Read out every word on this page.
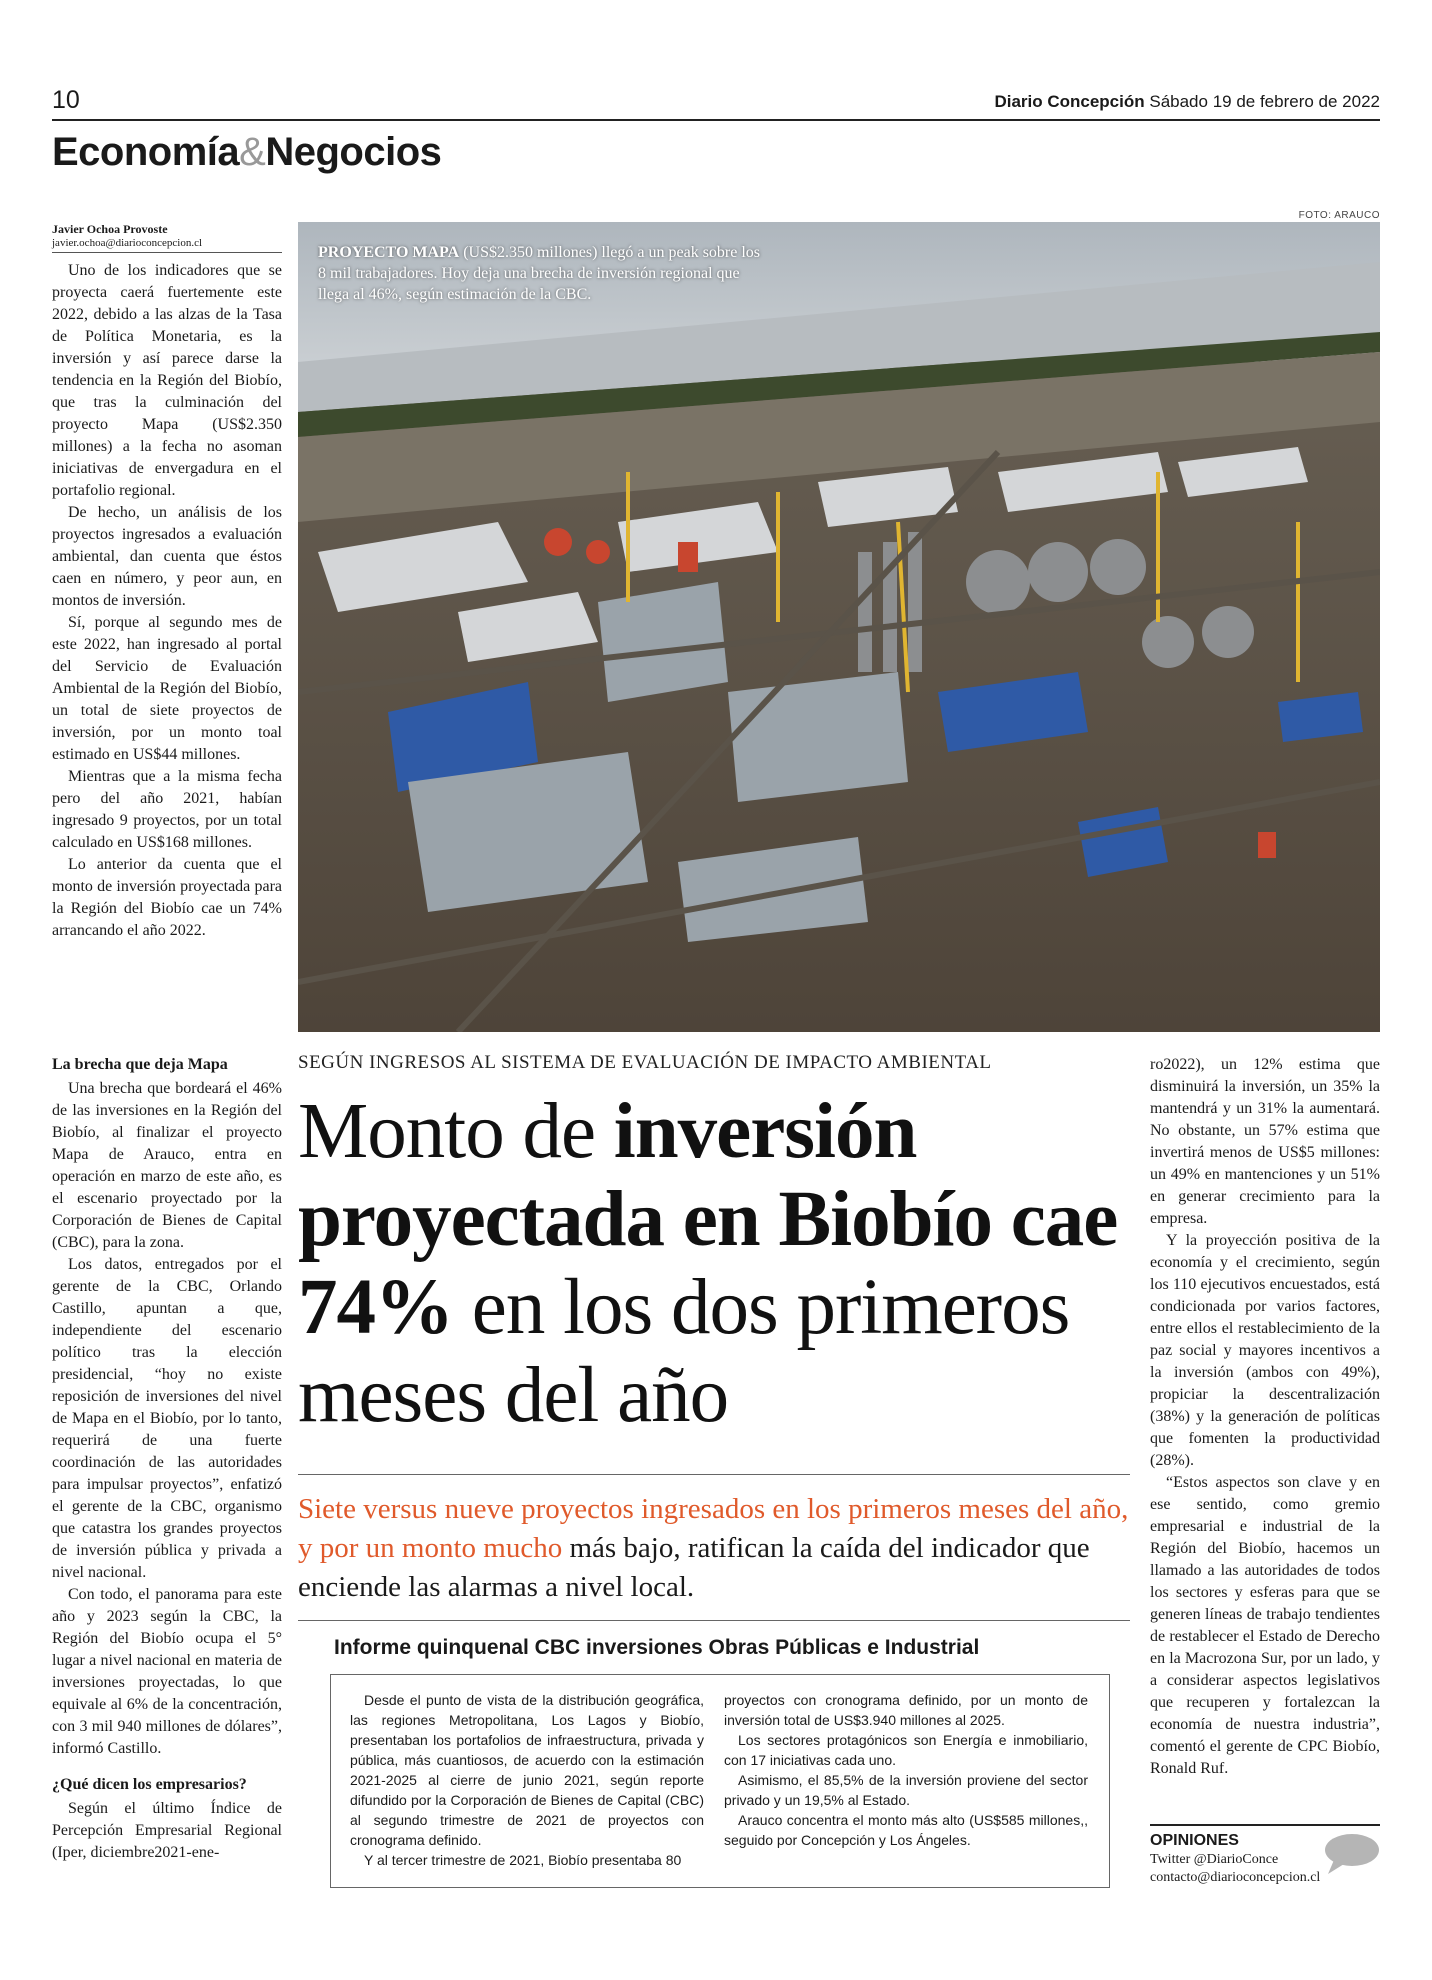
10	Diario Concepción Sábado 19 de febrero de 2022
Economía&Negocios
Javier Ochoa Provoste
javier.ochoa@diarioconcepcion.cl

Uno de los indicadores que se proyecta caerá fuertemente este 2022, debido a las alzas de la Tasa de Política Monetaria, es la inversión y así parece darse la tendencia en la Región del Biobío, que tras la culminación del proyecto Mapa (US$2.350 millones) a la fecha no asoman iniciativas de envergadura en el portafolio regional.

De hecho, un análisis de los proyectos ingresados a evaluación ambiental, dan cuenta que éstos caen en número, y peor aun, en montos de inversión.

Sí, porque al segundo mes de este 2022, han ingresado al portal del Servicio de Evaluación Ambiental de la Región del Biobío, un total de siete proyectos de inversión, por un monto toal estimado en US$44 millones.

Mientras que a la misma fecha pero del año 2021, habían ingresado 9 proyectos, por un total calculado en US$168 millones.

Lo anterior da cuenta que el monto de inversión proyectada para la Región del Biobío cae un 74% arrancando el año 2022.

La brecha que deja Mapa

Una brecha que bordeará el 46% de las inversiones en la Región del Biobío, al finalizar el proyecto Mapa de Arauco, entra en operación en marzo de este año, es el escenario proyectado por la Corporación de Bienes de Capital (CBC), para la zona.

Los datos, entregados por el gerente de la CBC, Orlando Castillo, apuntan a que, independiente del escenario político tras la elección presidencial, “hoy no existe reposición de inversiones del nivel de Mapa en el Biobío, por lo tanto, requerirá de una fuerte coordinación de las autoridades para impulsar proyectos”, enfatizó el gerente de la CBC, organismo que catastra los grandes proyectos de inversión pública y privada a nivel nacional.

Con todo, el panorama para este año y 2023 según la CBC, la Región del Biobío ocupa el 5° lugar a nivel nacional en materia de inversiones proyectadas, lo que equivale al 6% de la concentración, con 3 mil 940 millones de dólares”, informó Castillo.

¿Qué dicen los empresarios?

Según el último Índice de Percepción Empresarial Regional (Iper, diciembre2021-ene-

FOTO: ARAUCO
PROYECTO MAPA (US$2.350 millones) llegó a un peak sobre los 8 mil trabajadores. Hoy deja una brecha de inversión regional que llega al 46%, según estimación de la CBC.
SEGÚN INGRESOS AL SISTEMA DE EVALUACIÓN DE IMPACTO AMBIENTAL
Monto de inversión proyectada en Biobío cae 74% en los dos primeros meses del año
Siete versus nueve proyectos ingresados en los primeros meses del año, y por un monto mucho más bajo, ratifican la caída del indicador que enciende las alarmas a nivel local.
Informe quinquenal CBC inversiones Obras Públicas e Industrial

Desde el punto de vista de la distribución geográfica, las regiones Metropolitana, Los Lagos y Biobío, presentaban los portafolios de infraestructura, privada y pública, más cuantiosos, de acuerdo con la estimación 2021-2025 al cierre de junio 2021, según reporte difundido por la Corporación de Bienes de Capital (CBC) al segundo trimestre de 2021 de proyectos con cronograma definido.

Y al tercer trimestre de 2021, Biobío presentaba 80

proyectos con cronograma definido, por un monto de inversión total de US$3.940 millones al 2025.

Los sectores protagónicos son Energía e inmobiliario, con 17 iniciativas cada uno.

Asimismo, el 85,5% de la inversión proviene del sector privado y un 19,5% al Estado.

Arauco concentra el monto más alto (US$585 millones,, seguido por Concepción y Los Ángeles.

ro2022), un 12% estima que disminuirá la inversión, un 35% la mantendrá y un 31% la aumentará. No obstante, un 57% estima que invertirá menos de US$5 millones: un 49% en mantenciones y un 51% en generar crecimiento para la empresa.

Y la proyección positiva de la economía y el crecimiento, según los 110 ejecutivos encuestados, está condicionada por varios factores, entre ellos el restablecimiento de la paz social y mayores incentivos a la inversión (ambos con 49%), propiciar la descentralización (38%) y la generación de políticas que fomenten la productividad (28%).

“Estos aspectos son clave y en ese sentido, como gremio empresarial e industrial de la Región del Biobío, hacemos un llamado a las autoridades de todos los sectores y esferas para que se generen líneas de trabajo tendientes de restablecer el Estado de Derecho en la Macrozona Sur, por un lado, y a considerar aspectos legislativos que recuperen y fortalezcan la economía de nuestra industria”, comentó el gerente de CPC Biobío, Ronald Ruf.

OPINIONES
Twitter @DiarioConce
contacto@diarioconcepcion.cl
